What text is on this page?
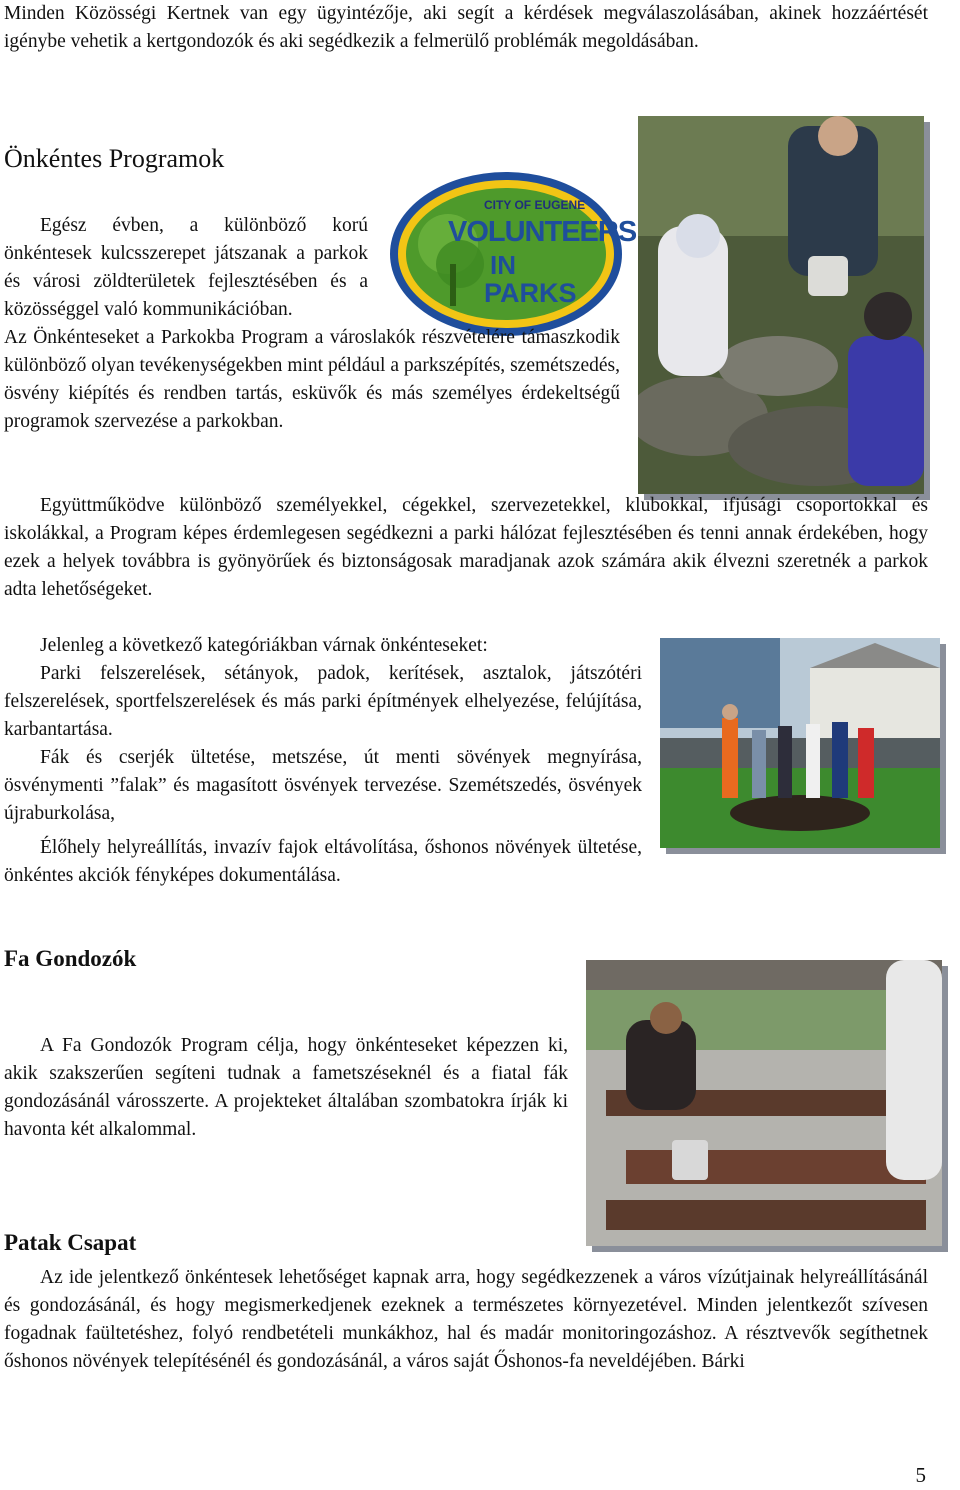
Minden Közösségi Kertnek van egy ügyintézője, aki segít a kérdések megválaszolásában, akinek hozzáértését igénybe vehetik a kertgondozók és aki segédkezik a felmerülő problémák megoldásában.

Önkéntes Programok

Egész évben, a különböző korú önkéntesek kulcsszerepet játszanak a parkok és városi zöldterületek fejlesztésében és a közösséggel való kommunikációban.

CITY OF EUGENE
VOLUNTEERS
IN
PARKS

Az Önkénteseket a Parkokba Program a városlakók részvételére támaszkodik különböző olyan tevékenységekben mint például a parkszépítés, szemétszedés, ösvény kiépítés és rendben tartás, esküvők és más személyes érdekeltségű programok szervezése a parkokban.

Együttműködve különböző személyekkel, cégekkel, szervezetekkel, klubokkal, ifjúsági csoportokkal és iskolákkal, a Program képes érdemlegesen segédkezni a parki hálózat fejlesztésében és tenni annak érdekében, hogy ezek a helyek továbbra is gyönyörűek és biztonságosak maradjanak azok számára akik élvezni szeretnék a parkok adta lehetőségeket.

Jelenleg a következő kategóriákban várnak önkénteseket:

Parki felszerelések, sétányok, padok, kerítések, asztalok, játszótéri felszerelések, sportfelszerelések és más parki építmények elhelyezése, felújítása, karbantartása.

Fák és cserjék ültetése, metszése, út menti sövények megnyírása, ösvénymenti ”falak” és magasított ösvények tervezése. Szemétszedés, ösvények újraburkolása,

Élőhely helyreállítás, invazív fajok eltávolítása, őshonos növények ültetése, önkéntes akciók fényképes dokumentálása.

Fa Gondozók

A Fa Gondozók Program célja, hogy önkénteseket képezzen ki, akik szakszerűen segíteni tudnak a fametszéseknél és a fiatal fák gondozásánál városszerte. A projekteket általában szombatokra írják ki havonta két alkalommal.

Patak Csapat

Az ide jelentkező önkéntesek lehetőséget kapnak arra, hogy segédkezzenek a város vízútjainak helyreállításánál és gondozásánál, és hogy megismerkedjenek ezeknek a természetes környezetével. Minden jelentkezőt szívesen fogadnak faültetéshez, folyó rendbetételi munkákhoz, hal és madár monitoringozáshoz. A résztvevők segíthetnek őshonos növények telepítésénél és gondozásánál, a város saját Őshonos-fa neveldéjében. Bárki

5
